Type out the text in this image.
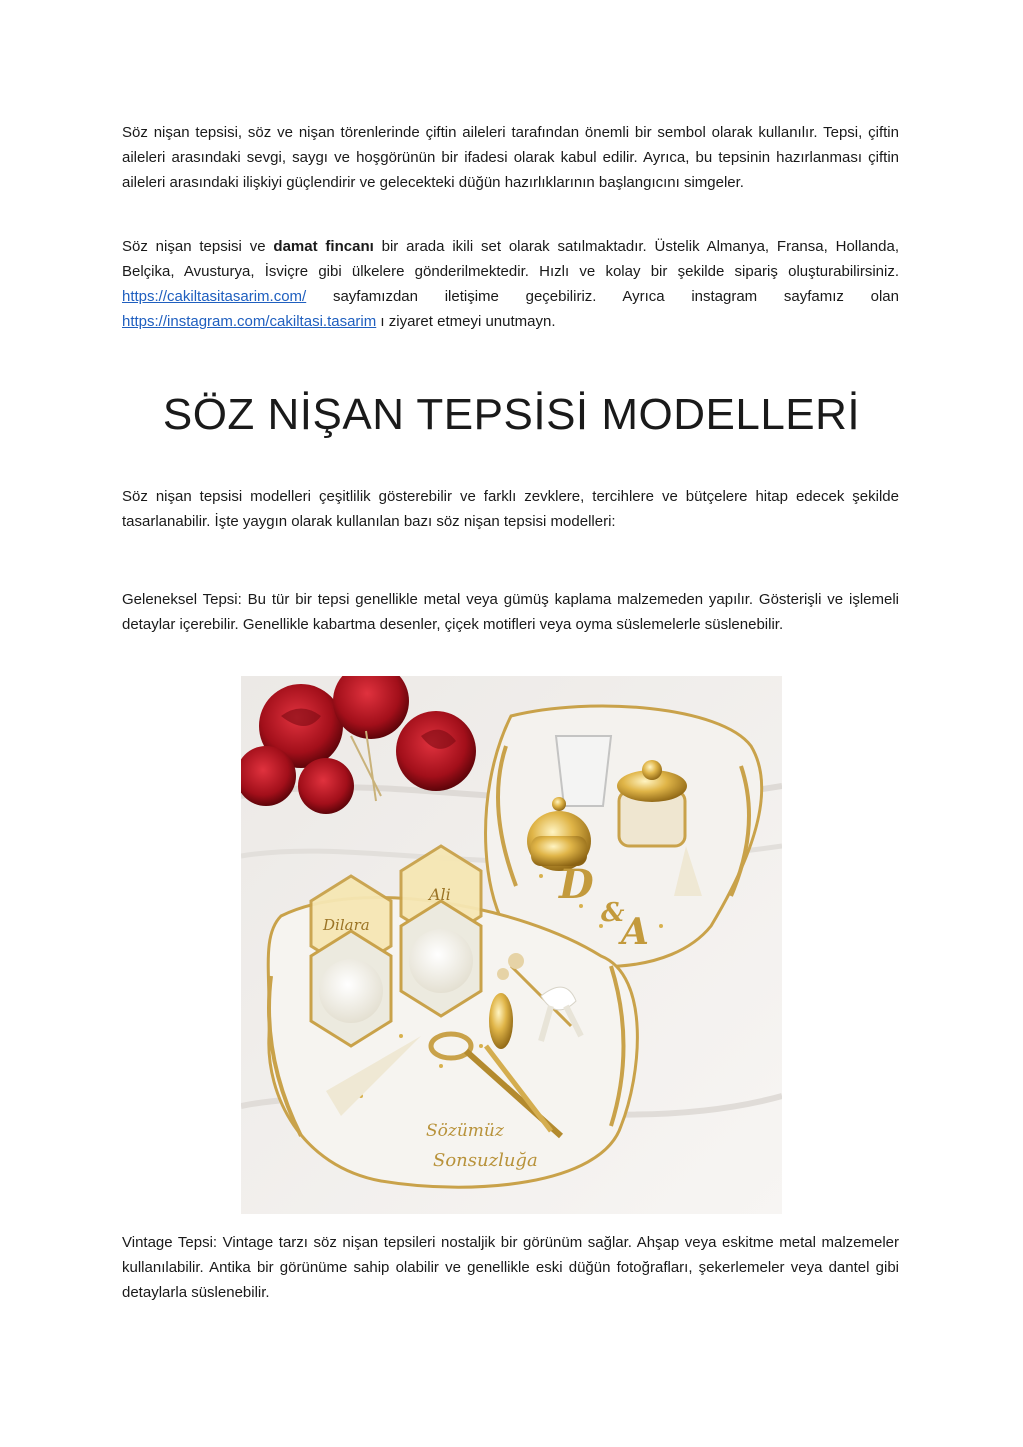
Söz nişan tepsisi, söz ve nişan törenlerinde çiftin aileleri tarafından önemli bir sembol olarak kullanılır. Tepsi, çiftin aileleri arasındaki sevgi, saygı ve hoşgörünün bir ifadesi olarak kabul edilir. Ayrıca, bu tepsinin hazırlanması çiftin aileleri arasındaki ilişkiyi güçlendirir ve gelecekteki düğün hazırlıklarının başlangıcını simgeler.

Söz nişan tepsisi ve damat fincanı bir arada ikili set olarak satılmaktadır. Üstelik Almanya, Fransa, Hollanda, Belçika, Avusturya, İsviçre gibi ülkelere gönderilmektedir. Hızlı ve kolay bir şekilde sipariş oluşturabilirsiniz. https://cakiltasitasarim.com/ sayfamızdan iletişime geçebiliriz. Ayrıca instagram sayfamız olan https://instagram.com/cakiltasi.tasarim ı ziyaret etmeyi unutmayn.

SÖZ NİŞAN TEPSİSİ MODELLERİ

Söz nişan tepsisi modelleri çeşitlilik gösterebilir ve farklı zevklere, tercihlere ve bütçelere hitap edecek şekilde tasarlanabilir. İşte yaygın olarak kullanılan bazı söz nişan tepsisi modelleri:

Geleneksel Tepsi: Bu tür bir tepsi genellikle metal veya gümüş kaplama malzemeden yapılır. Gösterişli ve işlemeli detaylar içerebilir. Genellikle kabartma desenler, çiçek motifleri veya oyma süslemelerle süslenebilir.

D
&
A
Dilara
Ali
Sözümüz
Sonsuzluğa

Vintage Tepsi: Vintage tarzı söz nişan tepsileri nostaljik bir görünüm sağlar. Ahşap veya eskitme metal malzemeler kullanılabilir. Antika bir görünüme sahip olabilir ve genellikle eski düğün fotoğrafları, şekerlemeler veya dantel gibi detaylarla süslenebilir.
